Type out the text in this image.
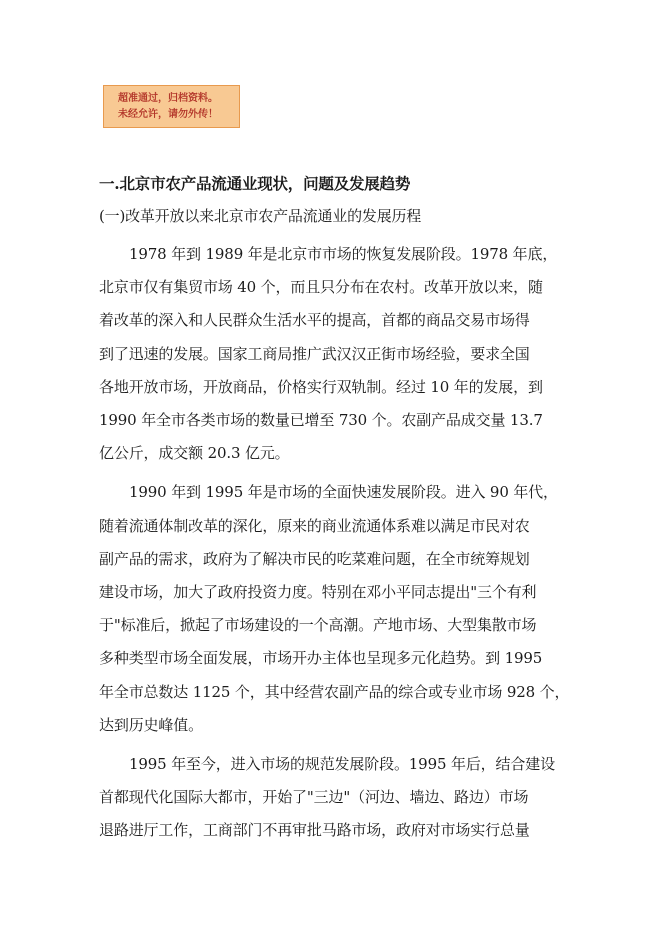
超准通过，归档资料。
未经允许，请勿外传！
一.北京市农产品流通业现状，问题及发展趋势
(一)改革开放以来北京市农产品流通业的发展历程
1978 年到 1989 年是北京市市场的恢复发展阶段。1978 年底，
北京市仅有集贸市场 40 个，而且只分布在农村。改革开放以来，随
着改革的深入和人民群众生活水平的提高，首都的商品交易市场得
到了迅速的发展。国家工商局推广武汉汉正街市场经验，要求全国
各地开放市场，开放商品，价格实行双轨制。经过 10 年的发展，到
1990 年全市各类市场的数量已增至 730 个。农副产品成交量 13.7
亿公斤，成交额 20.3 亿元。
1990 年到 1995 年是市场的全面快速发展阶段。进入 90 年代，
随着流通体制改革的深化，原来的商业流通体系难以满足市民对农
副产品的需求，政府为了解决市民的吃菜难问题，在全市统筹规划
建设市场，加大了政府投资力度。特别在邓小平同志提出"三个有利
于"标准后，掀起了市场建设的一个高潮。产地市场、大型集散市场
多种类型市场全面发展，市场开办主体也呈现多元化趋势。到 1995
年全市总数达 1125 个，其中经营农副产品的综合或专业市场 928 个，
达到历史峰值。
1995 年至今，进入市场的规范发展阶段。1995 年后，结合建设
首都现代化国际大都市，开始了"三边"（河边、墙边、路边）市场
退路进厅工作，工商部门不再审批马路市场，政府对市场实行总量
